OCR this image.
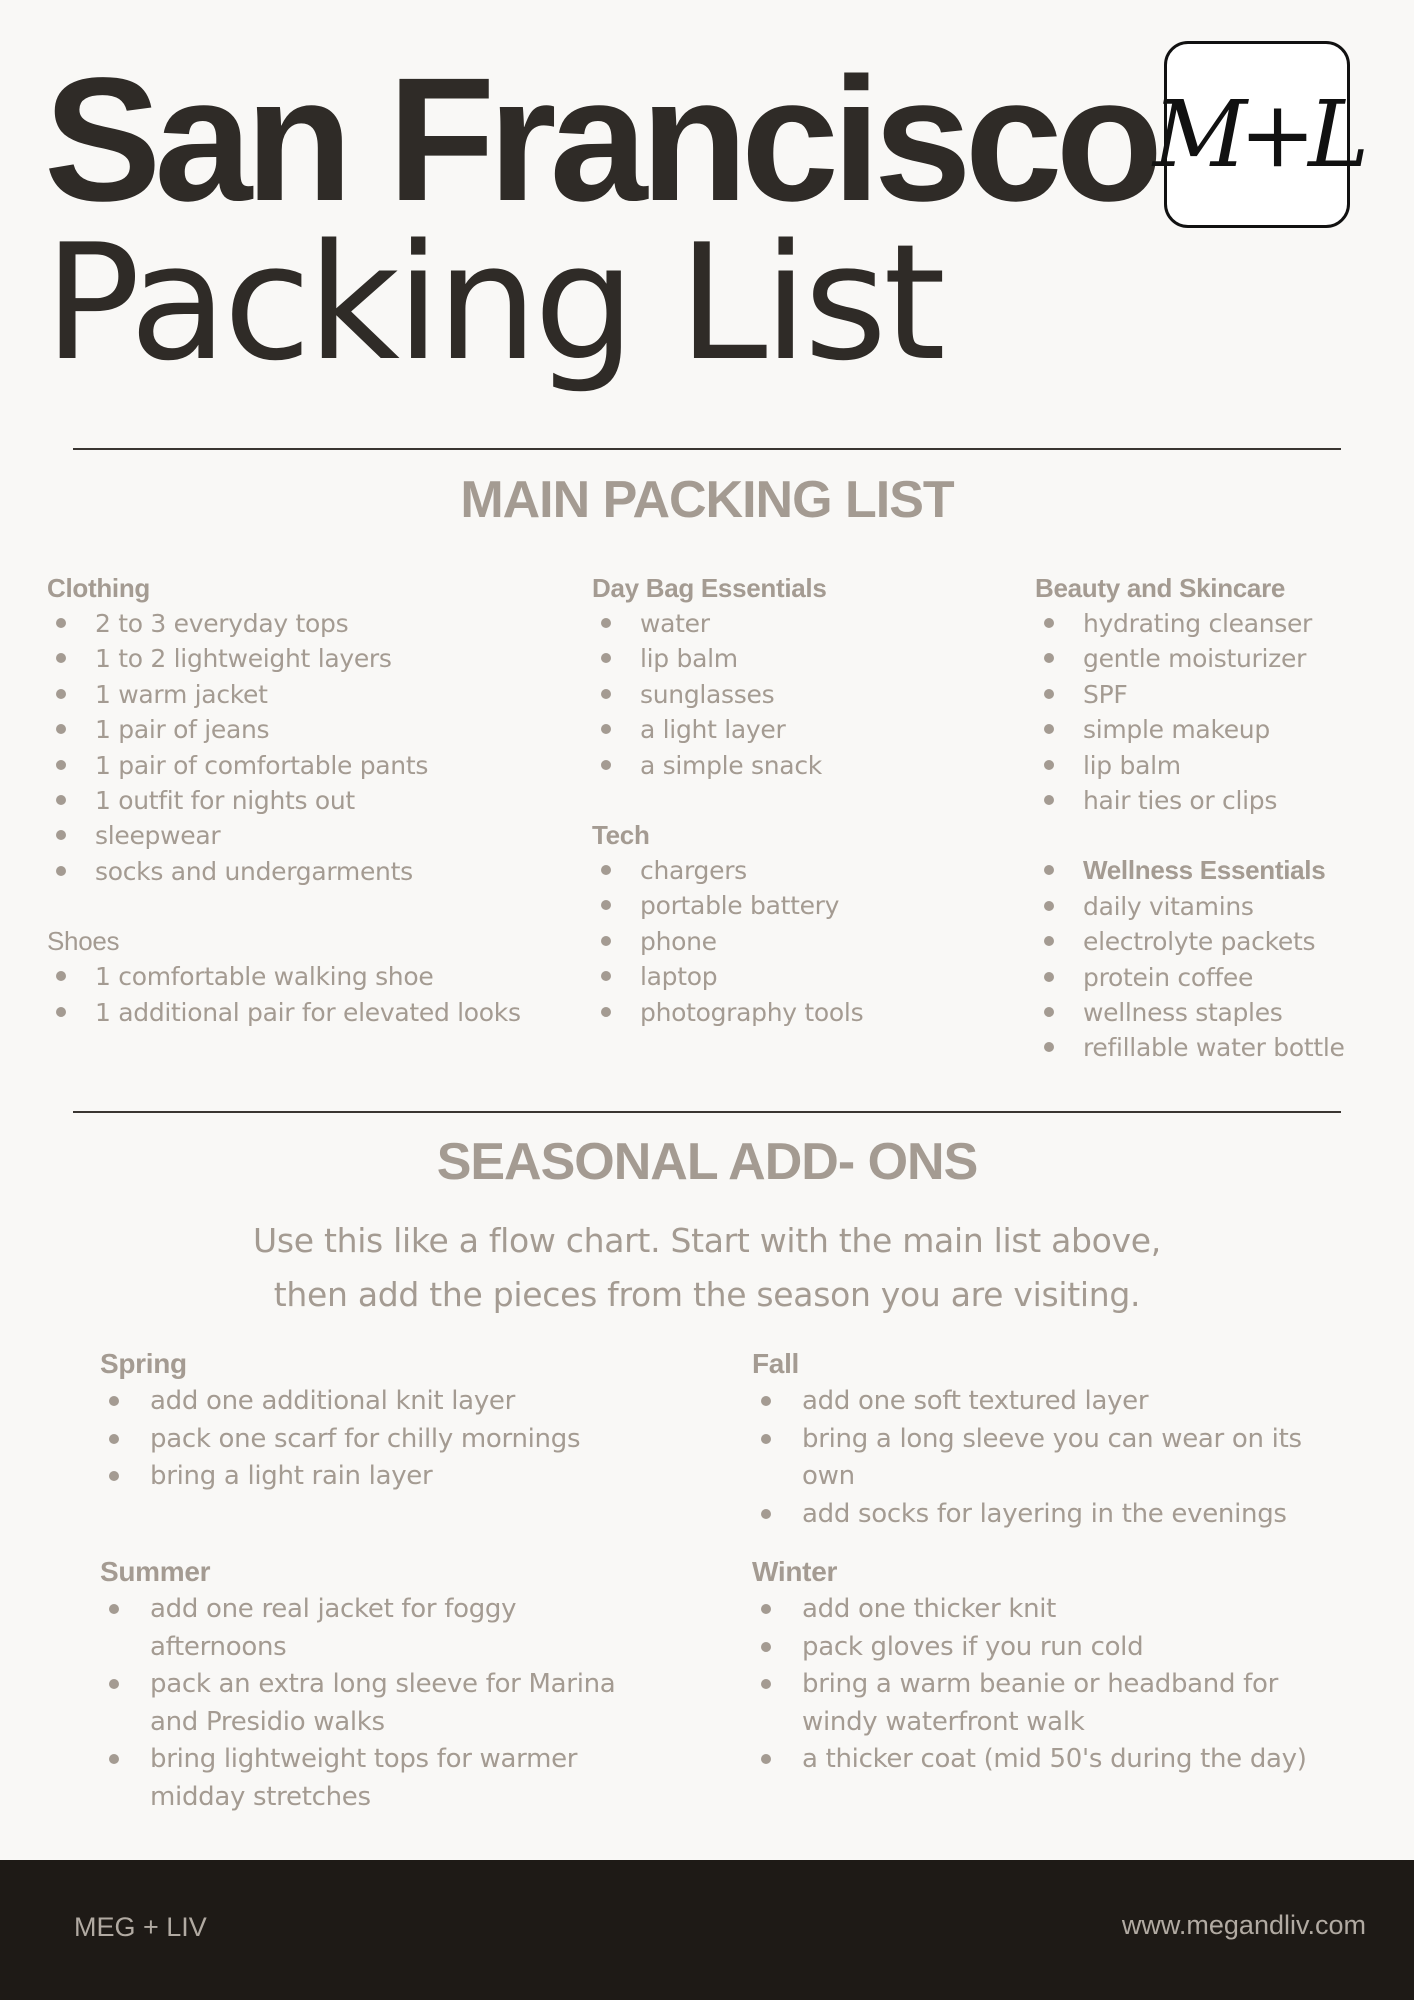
San Francisco
Packing List
M+L
MAIN PACKING LIST
Clothing
2 to 3 everyday tops
1 to 2 lightweight layers
1 warm jacket
1 pair of jeans
1 pair of comfortable pants
1 outfit for nights out
sleepwear
socks and undergarments
Shoes
1 comfortable walking shoe
1 additional pair for elevated looks
Day Bag Essentials
water
lip balm
sunglasses
a light layer
a simple snack
Tech
chargers
portable battery
phone
laptop
photography tools
Beauty and Skincare
hydrating cleanser
gentle moisturizer
SPF
simple makeup
lip balm
hair ties or clips
Wellness Essentials
daily vitamins
electrolyte packets
protein coffee
wellness staples
refillable water bottle
SEASONAL ADD- ONS
Use this like a flow chart. Start with the main list above,
then add the pieces from the season you are visiting.
Spring
add one additional knit layer
pack one scarf for chilly mornings
bring a light rain layer
Fall
add one soft textured layer
bring a long sleeve you can wear on its own
add socks for layering in the evenings
Summer
add one real jacket for foggy afternoons
pack an extra long sleeve for Marina and Presidio walks
bring lightweight tops for warmer midday stretches
Winter
add one thicker knit
pack gloves if you run cold
bring a warm beanie or headband for windy waterfront walk
a thicker coat (mid 50's during the day)
MEG + LIV	www.megandliv.com
